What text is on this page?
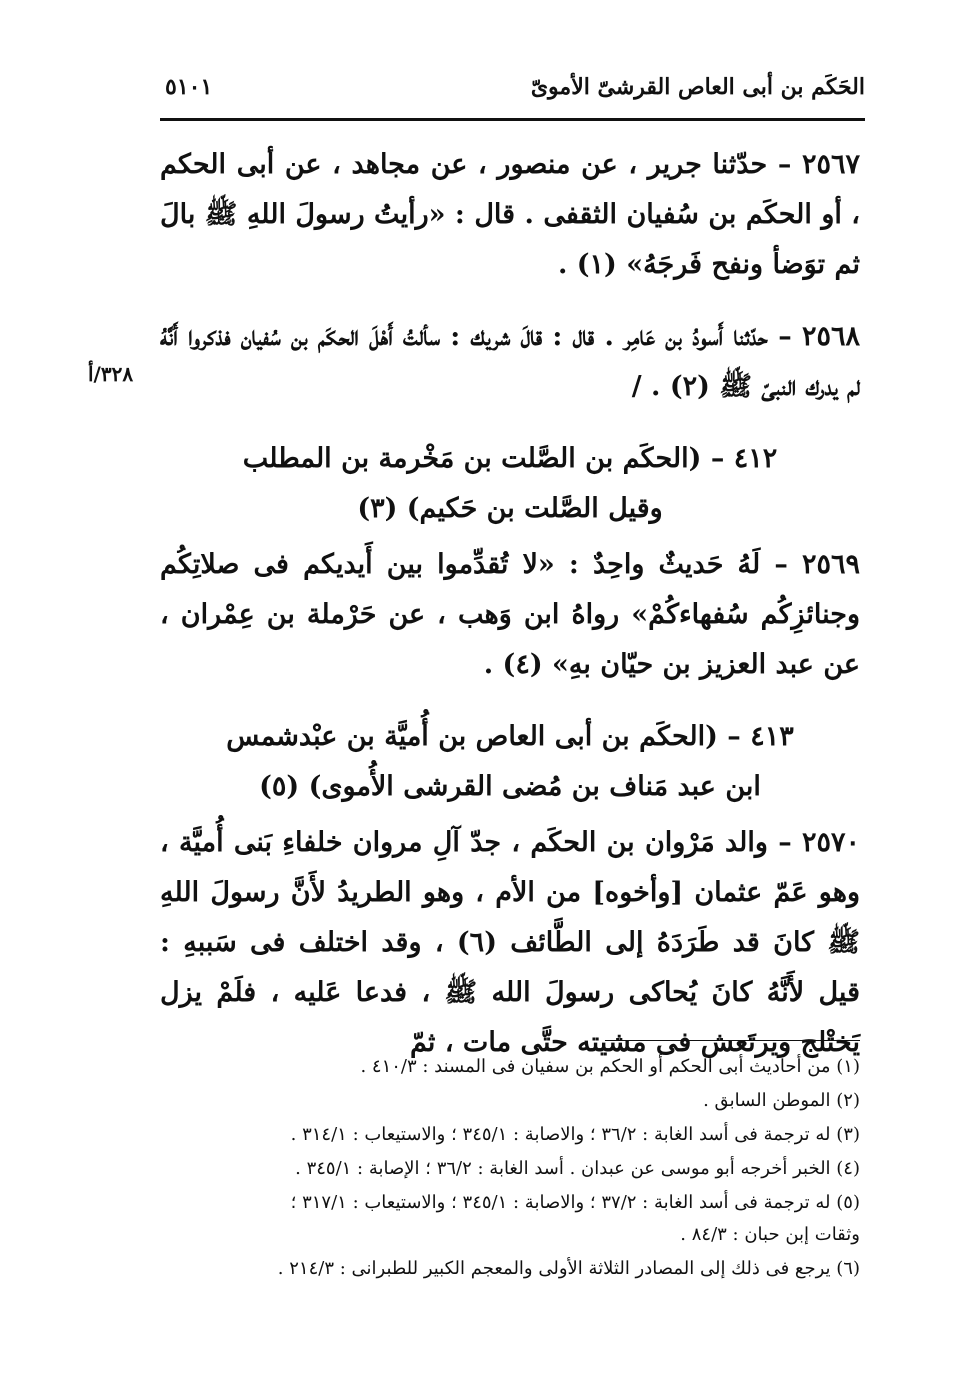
الحَكَم بن أبى العاص القرشىّ الأموىّ
٥١٠١
٣٢٨/أ

٢٥٦٧ – حدّثنا جرير ، عن منصور ، عن مجاهد ، عن أبى الحكم ، أو الحكَم بن سُفيان الثقفى . قال : «رأيتُ رسولَ اللهِ ﷺ بالَ ثم توَضأ ونفح فَرجَهُ» (١) .

٢٥٦٨ – حدّثنا أَسودُ بن عَامِر . قال : قالَ شريك : سألتُ أَهْلَ الحكَم بن سُفيان فذكروا أَنَّهُ لم يدرك النبىّ ﷺ (٢) . /

٤١٢ – (الحكَم بن الصَّلت بن مَخْرمة بن المطلب

وقيل الصَّلت بن حَكيم) (٣)

٢٥٦٩ – لَهُ حَديثٌ واحِدٌ : «لا تُقدِّموا بين أَيديكم فى صلاتِكُم وجنائزِكُم سُفهاءكُمْ» رواهُ ابن وَهب ، عن حَرْملة بن عِمْران ، عن عبد العزيز بن حيّان بهِ» (٤) .

٤١٣ – (الحكَم بن أبى العاص بن أُميَّة بن عبْدشمس

ابن عبد مَناف بن مُضى القرشى الأُموى) (٥)

٢٥٧٠ – والد مَرْوان بن الحكَم ، جدّ آلِ مروان خلفاءِ بَنى أُميَّة ، وهو عَمّ عثمان [وأخوه] من الأم ، وهو الطريدُ لأَنَّ رسولَ اللهِ ﷺ كانَ قد طَرَدَهُ إلى الطَّائف (٦) ، وقد اختلف فى سَببهِ : قيل لأَنَّهُ كانَ يُحاكى رسولَ الله ﷺ ، فدعا عَليه ، فلَمْ يزل يَختْلج ويرتَعش فى مشيته حتَّى مات ، ثمّ

(١) من أحاديث أبى الحكم أو الحكم بن سفيان فى المسند : ٤١٠/٣ .

(٢) الموطن السابق .

(٣) له ترجمة فى أسد الغابة : ٣٦/٢ ؛ والاصابة : ٣٤٥/١ ؛ والاستيعاب : ٣١٤/١ .

(٤) الخبر أخرجه أبو موسى عن عبدان . أسد الغابة : ٣٦/٢ ؛ الإصابة : ٣٤٥/١ .

(٥) له ترجمة فى أسد الغابة : ٣٧/٢ ؛ والاصابة : ٣٤٥/١ ؛ والاستيعاب : ٣١٧/١ ؛

وثقات إبن حبان : ٨٤/٣ .

(٦) يرجع فى ذلك إلى المصادر الثلاثة الأولى والمعجم الكبير للطبرانى : ٢١٤/٣ .
